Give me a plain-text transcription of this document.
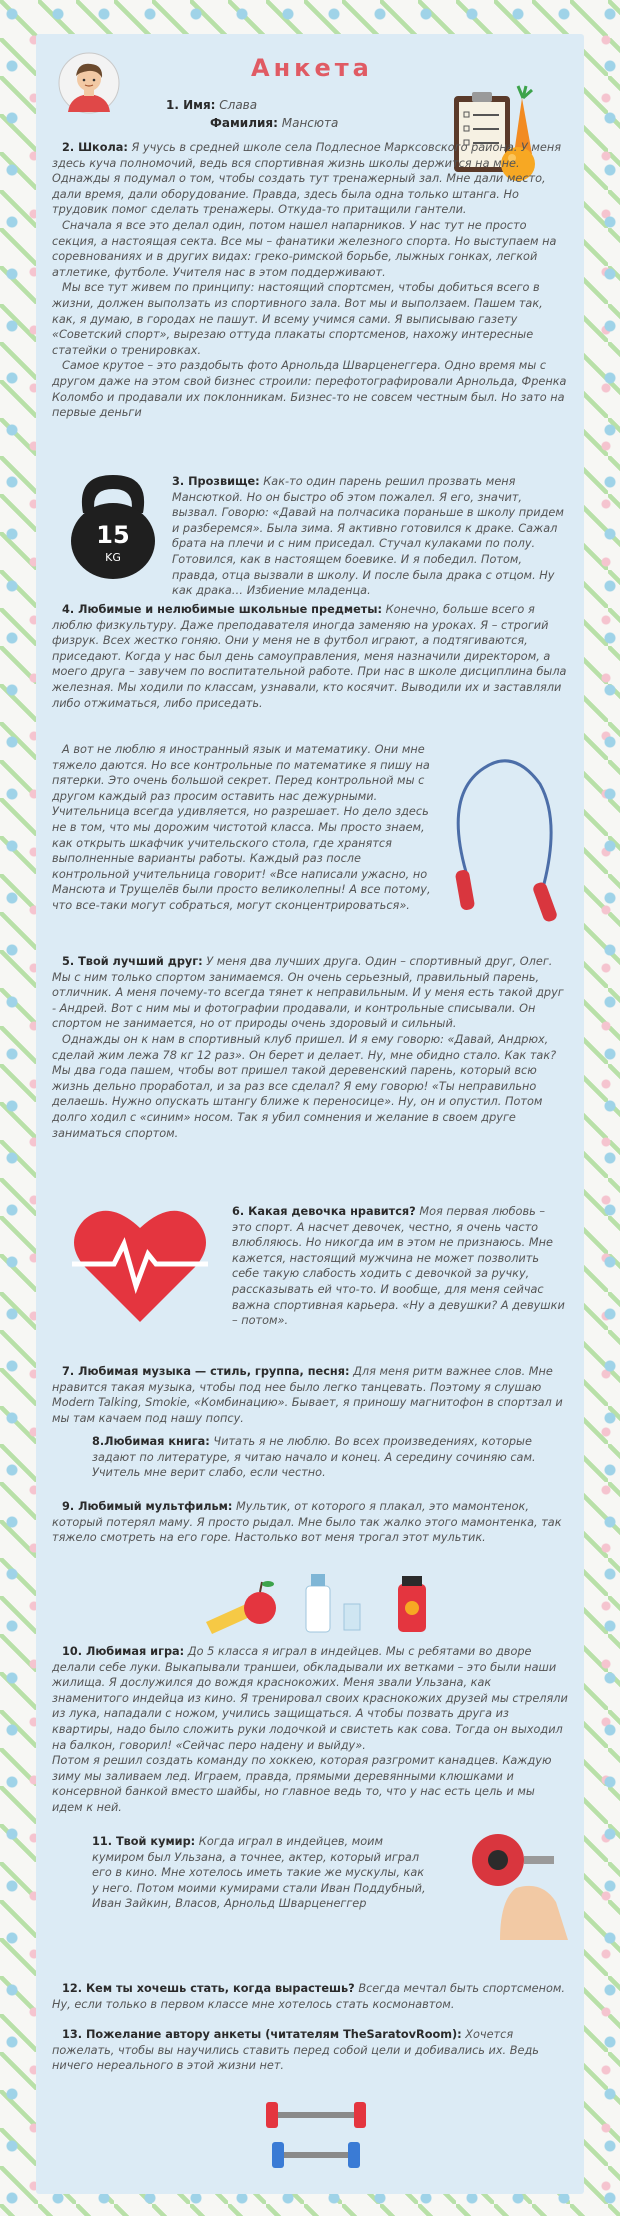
Анкета
1. Имя: Слава
Фамилия: Мансюта

2. Школа: Я учусь в средней школе села Подлесное Марксовского района. У меня здесь куча полномочий, ведь вся спортивная жизнь школы держится на мне. Однажды я подумал о том, чтобы создать тут тренажерный зал. Мне дали место, дали время, дали оборудование. Правда, здесь была одна только штанга. Но трудовик помог сделать тренажеры. Откуда-то притащили гантели.

Сначала я все это делал один, потом нашел напарников. У нас тут не просто секция, а настоящая секта. Все мы – фанатики железного спорта. Но выступаем на соревнованиях и в других видах: греко-римской борьбе, лыжных гонках, легкой атлетике, футболе. Учителя нас в этом поддерживают.

Мы все тут живем по принципу: настоящий спортсмен, чтобы добиться всего в жизни, должен выползать из спортивного зала. Вот мы и выползаем. Пашем так, как, я думаю, в городах не пашут. И всему учимся сами. Я выписываю газету «Советский спорт», вырезаю оттуда плакаты спортсменов, нахожу интересные статейки о тренировках.

Самое крутое – это раздобыть фото Арнольда Шварценеггера. Одно время мы с другом даже на этом свой бизнес строили: перефотографировали Арнольда, Френка Коломбо и продавали их поклонникам. Бизнес-то не совсем честным был. Но зато на первые деньги

15
KG

3. Прозвище: Как-то один парень решил прозвать меня Мансюткой. Но он быстро об этом пожалел. Я его, значит, вызвал. Говорю: «Давай на полчасика пораньше в школу придем и разберемся». Была зима. Я активно готовился к драке. Сажал брата на плечи и с ним приседал. Стучал кулаками по полу. Готовился, как в настоящем боевике. И я победил. Потом, правда, отца вызвали в школу. И после была драка с отцом. Ну как драка… Избиение младенца.

4. Любимые и нелюбимые школьные предметы: Конечно, больше всего я люблю физкультуру. Даже преподавателя иногда заменяю на уроках. Я – строгий физрук. Всех жестко гоняю. Они у меня не в футбол играют, а подтягиваются, приседают. Когда у нас был день самоуправления, меня назначили директором, а моего друга – завучем по воспитательной работе. При нас в школе дисциплина была железная. Мы ходили по классам, узнавали, кто косячит. Выводили их и заставляли либо отжиматься, либо приседать.

А вот не люблю я иностранный язык и математику. Они мне тяжело даются. Но все контрольные по математике я пишу на пятерки. Это очень большой секрет. Перед контрольной мы с другом каждый раз просим оставить нас дежурными. Учительница всегда удивляется, но разрешает. Но дело здесь не в том, что мы дорожим чистотой класса. Мы просто знаем, как открыть шкафчик учительского стола, где хранятся выполненные варианты работы. Каждый раз после контрольной учительница говорит! «Все написали ужасно, но Мансюта и Трущелёв были просто великолепны! А все потому, что все-таки могут собраться, могут сконцентрироваться».

5. Твой лучший друг: У меня два лучших друга. Один – спортивный друг, Олег. Мы с ним только спортом занимаемся. Он очень серьезный, правильный парень, отличник. А меня почему-то всегда тянет к неправильным. И у меня есть такой друг - Андрей. Вот с ним мы и фотографии продавали, и контрольные списывали. Он спортом не занимается, но от природы очень здоровый и сильный.

Однажды он к нам в спортивный клуб пришел. И я ему говорю: «Давай, Андрюх, сделай жим лежа 78 кг 12 раз». Он берет и делает. Ну, мне обидно стало. Как так? Мы два года пашем, чтобы вот пришел такой деревенский парень, который всю жизнь дельно проработал, и за раз все сделал? Я ему говорю! «Ты неправильно делаешь. Нужно опускать штангу ближе к переносице». Ну, он и опустил. Потом долго ходил с «синим» носом. Так я убил сомнения и желание в своем друге заниматься спортом.

6. Какая девочка нравится? Моя первая любовь – это спорт. А насчет девочек, честно, я очень часто влюбляюсь. Но никогда им в этом не признаюсь. Мне кажется, настоящий мужчина не может позволить себе такую слабость ходить с девочкой за ручку, рассказывать ей что-то. И вообще, для меня сейчас важна спортивная карьера. «Ну а девушки? А девушки – потом».

7. Любимая музыка — стиль, группа, песня: Для меня ритм важнее слов. Мне нравится такая музыка, чтобы под нее было легко танцевать. Поэтому я слушаю Modern Talking, Smokie, «Комбинацию». Бывает, я приношу магнитофон в спортзал и мы там качаем под нашу попсу.

8.Любимая книга: Читать я не люблю. Во всех произведениях, которые задают по литературе, я читаю начало и конец. А середину сочиняю сам. Учитель мне верит слабо, если честно.

9. Любимый мультфильм: Мультик, от которого я плакал, это мамонтенок, который потерял маму. Я просто рыдал. Мне было так жалко этого мамонтенка, так тяжело смотреть на его горе. Настолько вот меня трогал этот мультик.

10. Любимая игра: До 5 класса я играл в индейцев. Мы с ребятами во дворе делали себе луки. Выкапывали траншеи, обкладывали их ветками – это были наши жилища. Я дослужился до вождя краснокожих. Меня звали Ульзана, как знаменитого индейца из кино. Я тренировал своих краснокожих друзей мы стреляли из лука, нападали с ножом, учились защищаться. А чтобы позвать друга из квартиры, надо было сложить руки лодочкой и свистеть как сова. Тогда он выходил на балкон, говорил! «Сейчас перо надену и выйду».

Потом я решил создать команду по хоккею, которая разгромит канадцев. Каждую зиму мы заливаем лед. Играем, правда, прямыми деревянными клюшками и консервной банкой вместо шайбы, но главное ведь то, что у нас есть цель и мы идем к ней.

11. Твой кумир: Когда играл в индейцев, моим кумиром был Ульзана, а точнее, актер, который играл его в кино. Мне хотелось иметь такие же мускулы, как у него. Потом моими кумирами стали Иван Поддубный, Иван Зайкин, Власов, Арнольд Шварценеггер

12. Кем ты хочешь стать, когда вырастешь? Всегда мечтал быть спортсменом. Ну, если только в первом классе мне хотелось стать космонавтом.

13. Пожелание автору анкеты (читателям TheSaratovRoom): Хочется пожелать, чтобы вы научились ставить перед собой цели и добивались их. Ведь ничего нереального в этой жизни нет.
